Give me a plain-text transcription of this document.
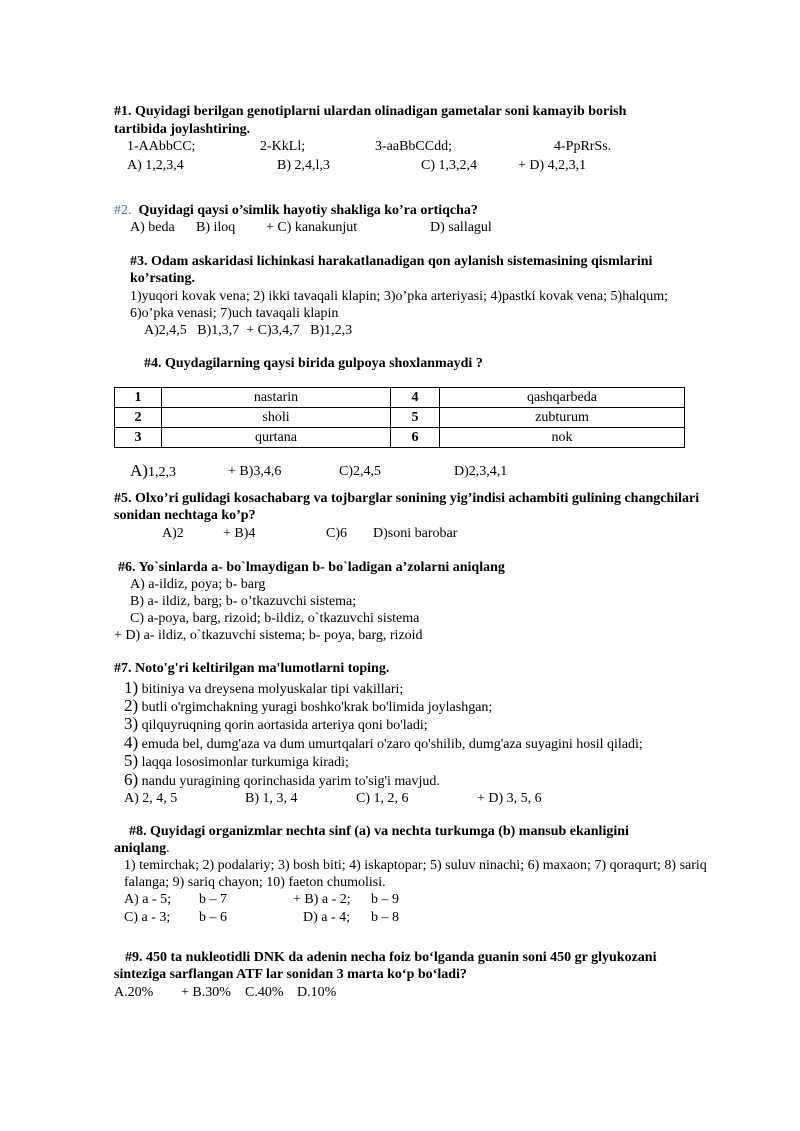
#1. Quyidagi berilgan genotiplarni ulardan olinadigan gametalar soni kamayib borish
tartibida joylashtiring.
1-AAbbCC;	2-KkLl;	3-aaBbCCdd;	4-PpRrSs.
A) 1,2,3,4	B) 2,4,l,3	C) 1,3,2,4	+ D) 4,2,3,1
#2. Quyidagi qaysi o’simlik hayotiy shakliga ko’ra ortiqcha?
A) beda B) iloq + C) kanakunjut	D) sallagul
#3. Odam askaridasi lichinkasi harakatlanadigan qon aylanish sistemasining qismlarini
ko’rsating.
1)yuqori kovak vena; 2) ikki tavaqali klapin; 3)o’pka arteriyasi; 4)pastki kovak vena; 5)halqum;
6)o’pka venasi; 7)uch tavaqali klapin
A)2,4,5   B)1,3,7  + C)3,4,7   B)1,2,3
#4. Quydagilarning qaysi birida gulpoya shoxlanmaydi ?
1	nastarin	4	qashqarbeda
2	sholi	5	zubturum
3	qurtana	6	nok
A)1,2,3	+ B)3,4,6	C)2,4,5	D)2,3,4,1
#5. Olxo’ri gulidagi kosachabarg va tojbarglar sonining yig’indisi achambiti gulining changchilari
sonidan nechtaga ko’p?
A)2	+ B)4	C)6 D)soni barobar
#6. Yo`sinlarda a- bo`lmaydigan b- bo`ladigan a’zolarni aniqlang
A) a-ildiz, poya; b- barg
B) a- ildiz, barg; b- o’tkazuvchi sistema;
C) a-poya, barg, rizoid; b-ildiz, o`tkazuvchi sistema
+ D) a- ildiz, o`tkazuvchi sistema; b- poya, barg, rizoid
#7. Noto'g'ri keltirilgan ma'lumotlarni toping.
1) bitiniya va dreysena molyuskalar tipi vakillari;
2) butli o'rgimchakning yuragi boshko'krak bo'limida joylashgan;
3) qilquyruqning qorin aortasida arteriya qoni bo'ladi;
4) emuda bel, dumg'aza va dum umurtqalari o'zaro qo'shilib, dumg'aza suyagini hosil qiladi;
5) laqqa lososimonlar turkumiga kiradi;
6) nandu yuragining qorinchasida yarim to'sig'i mavjud.
A) 2, 4, 5	B) 1, 3, 4	C) 1, 2, 6	+ D) 3, 5, 6
#8. Quyidagi organizmlar nechta sinf (a) va nechta turkumga (b) mansub ekanligini
aniqlang.
1) temirchak; 2) podalariy; 3) bosh biti; 4) iskaptopar; 5) suluv ninachi; 6) maxaon; 7) qoraqurt; 8) sariq
falanga; 9) sariq chayon; 10) faeton chumolisi.
A) a - 5; b – 7	+ B) a - 2; b – 9
C) a - 3; b – 6	D) a - 4; b – 8
#9. 450 ta nukleotidli DNK da adenin necha foiz bo‘lganda guanin soni 450 gr glyukozani
sinteziga sarflangan ATF lar sonidan 3 marta ko‘p bo‘ladi?
A.20% + B.30% C.40% D.10%
